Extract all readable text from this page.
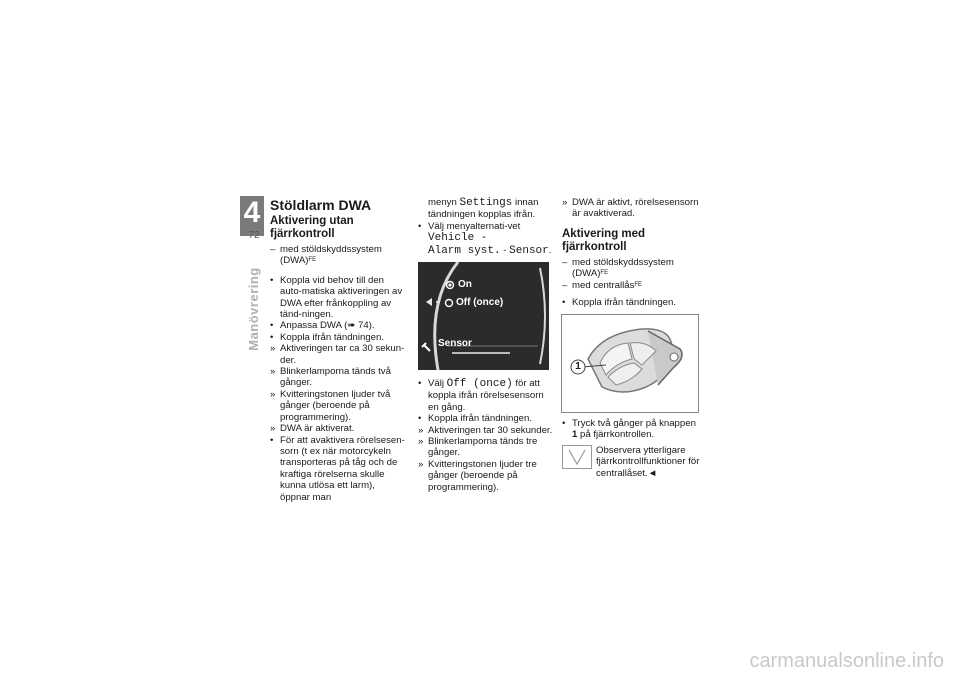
4
72
Manövrering
Stöldlarm DWA
Aktivering utan fjärrkontroll
– med stöldskyddssystem (DWA)$^{FE}$
• Koppla vid behov till den auto-matiska aktiveringen av DWA efter frånkoppling av tänd-ningen.
• Anpassa DWA (➠ 74).
• Koppla ifrån tändningen.
» Aktiveringen tar ca 30 sekun-der.
» Blinkerlamporna tänds två gånger.
» Kvitteringstonen ljuder två gånger (beroende på programmering).
» DWA är aktiverat.
• För att avaktivera rörelsesen-sorn (t ex när motorcykeln transporteras på tåg och de kraftiga rörelserna skulle kunna utlösa ett larm), öppnar man
menyn Settings innan tändningen kopplas ifrån.
• Välj menyalternati-vet Vehicle -
Alarm syst. - Sensor.
On
Off (once)
Sensor
• Välj Off (once) för att koppla ifrån rörelsesensorn en gång.
• Koppla ifrån tändningen.
» Aktiveringen tar 30 sekunder.
» Blinkerlamporna tänds tre gånger.
» Kvitteringstonen ljuder tre gånger (beroende på programmering).
» DWA är aktivt, rörelsesensorn är avaktiverad.
Aktivering med fjärrkontroll
– med stöldskyddssystem (DWA)$^{FE}$
– med centrallås$^{FE}$
• Koppla ifrån tändningen.
1
• Tryck två gånger på knappen 1 på fjärrkontrollen.
Observera ytterligare fjärrkontrollfunktioner för centrallåset.◄
carmanualsonline.info
